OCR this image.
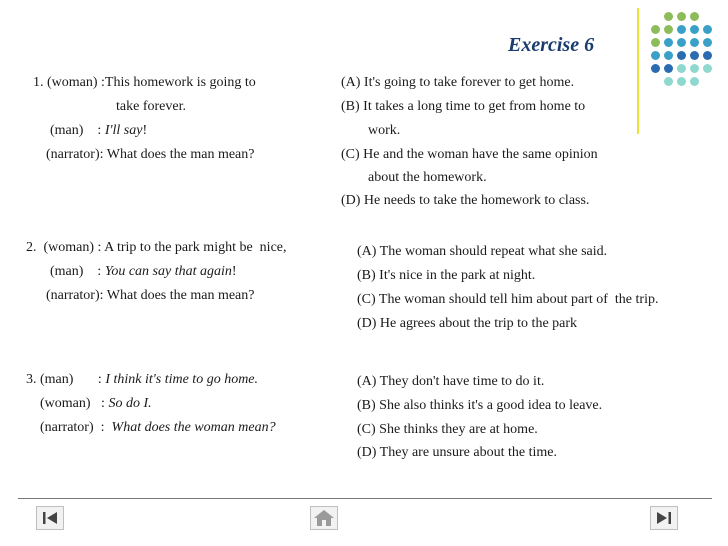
Exercise 6
1. (woman) :This homework is going to
take forever.
(man)    : I'll say!
(narrator): What does the man mean?
(A) It's going to take forever to get home.
(B) It takes a long time to get from home to
work.
(C) He and the woman have the same opinion
about the homework.
(D) He needs to take the homework to class.
2.  (woman) : A trip to the park might be  nice,
(man)    : You can say that again!
(narrator): What does the man mean?
(A) The woman should repeat what she said.
(B) It's nice in the park at night.
(C) The woman should tell him about part of  the trip.
(D) He agrees about the trip to the park
3. (man)       : I think it's time to go home.
(woman)   : So do I.
(narrator)  :  What does the woman mean?
(A) They don't have time to do it.
(B) She also thinks it's a good idea to leave.
(C) She thinks they are at home.
(D) They are unsure about the time.
